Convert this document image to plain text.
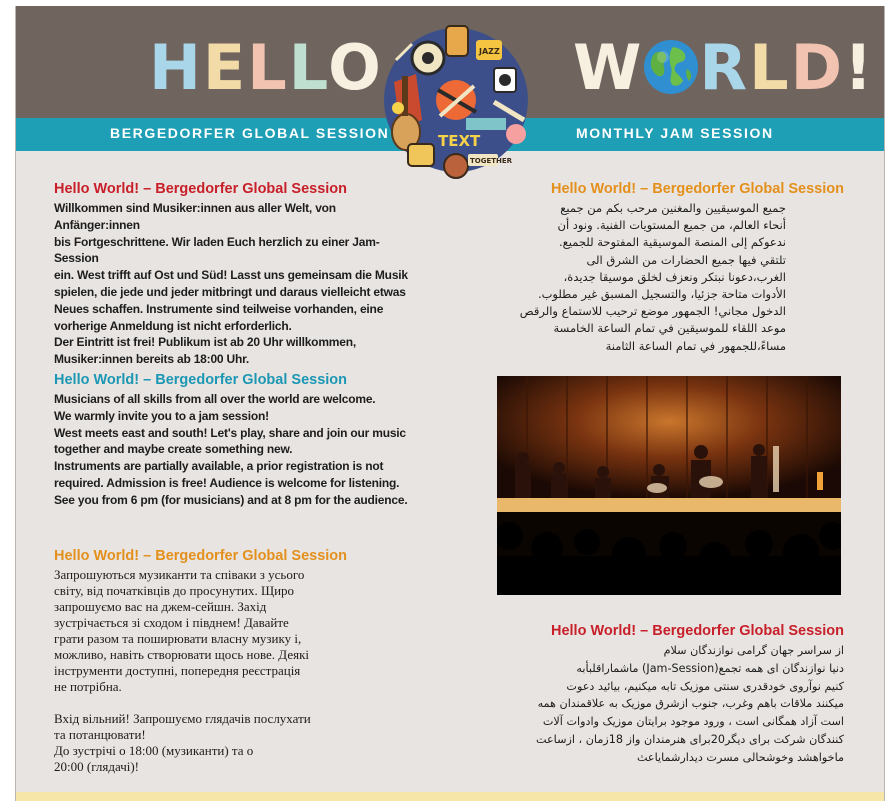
HELLO	W RLD!
BERGEDORFER GLOBAL SESSION	MONTHLY JAM SESSION
JAZZ
TEXT
TOGETHER
Hello World! – Bergedorfer Global Session
Willkommen sind Musiker:innen aus aller Welt, von Anfänger:innen
bis Fortgeschrittene. Wir laden Euch herzlich zu einer Jam-Session
ein. West trifft auf Ost und Süd! Lasst uns gemeinsam die Musik
spielen, die jede und jeder mitbringt und daraus vielleicht etwas
Neues schaffen. Instrumente sind teilweise vorhanden, eine
vorherige Anmeldung ist nicht erforderlich.
Der Eintritt ist frei! Publikum ist ab 20 Uhr willkommen,
Musiker:innen bereits ab 18:00 Uhr.
Hello World! – Bergedorfer Global Session
Musicians of all skills from all over the world are welcome.
We warmly invite you to a jam session!
West meets east and south! Let's play, share and join our music
together and maybe create something new.
Instruments are partially available, a prior registration is not
required. Admission is free! Audience is welcome for listening.
See you from 6 pm (for musicians) and at 8 pm for the audience.
Hello World! – Bergedorfer Global Session
Запрошуються музиканти та співаки з усього
світу, від початківців до просунутих. Щиро
запрошуємо вас на джем-сейшн. Захід
зустрічається зі сходом і півднем! Давайте
грати разом та поширювати власну музику і,
можливо, навіть створювати щось нове. Деякі
інструменти доступні, попередня реєстрація
не потрібна.
Вхід вільний! Запрошуємо глядачів послухати
та потанцювати!
До зустрічі о 18:00 (музиканти) та о
20:00 (глядачі)!
Hello World! – Bergedorfer Global Session
جميع الموسيقيين والمغنين مرحب بكم من جميع
أنحاء العالم، من جميع المستويات الفنية. ونود أن
ندعوكم إلى المنصة الموسيقية المفتوحة للجميع.
تلتقي فيها جميع الحضارات من الشرق الى
الغرب،دعونا نبتكر ونعزف لخلق موسيقا جديدة،
الأدوات متاحة جزئيا، والتسجيل المسبق غير مطلوب.
الدخول مجاني! الجمهور موضع ترحيب للاستماع والرقص
موعد اللقاء للموسيقين في تمام الساعة الخامسة
مساءً،للجمهور في تمام الساعة الثامنة
Hello World! – Bergedorfer Global Session
از سراسر جهان گرامی نوازندگان سلام
دنیا نوازندگان ای همه تجمع(Jam-Session) ماشماراقلبأبه
کنیم نوآروی خودقدری سنتی موزیک تابه میکنیم، بیائید دعوت
میکنند ملاقات باهم وغرب، جنوب ازشرق موزیک به علاقمندان همه
است آزاد همگانی است ، ورود موجود برایتان موزیک وادوات آلات
کنندگان شرکت برای دیگر20برای هنرمندان واز 18زمان ، ازساعت
ماخواهشد وخوشحالی مسرت دیدارشمایاعث
